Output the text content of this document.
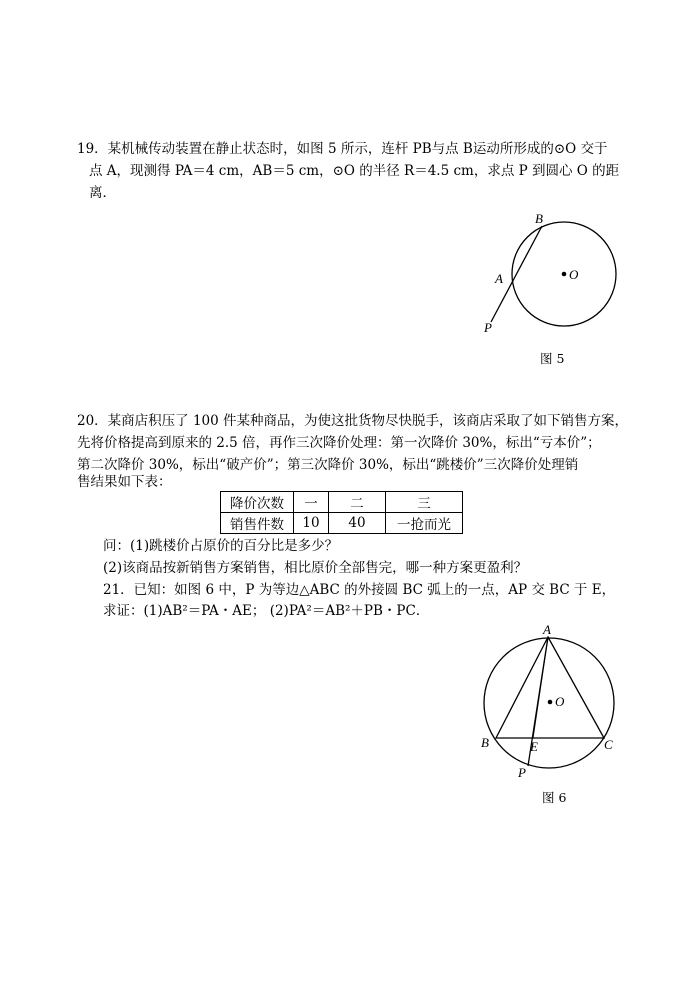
19．某机械传动装置在静止状态时，如图 5 所示，连杆 PB与点 B运动所形成的⊙O 交于
点 A，现测得 PA＝4 cm，AB＝5 cm，⊙O 的半径 R＝4.5 cm，求点 P 到圆心 O 的距
离．
B
A	O
P
图 5
20．某商店积压了 100 件某种商品，为使这批货物尽快脱手，该商店采取了如下销售方案，
先将价格提高到原来的 2.5 倍，再作三次降价处理：第一次降价 30%，标出“亏本价”；
第二次降价 30%，标出“破产价”；第三次降价 30%，标出“跳楼价”三次降价处理销
售结果如下表：
降价次数	一	二	三
销售件数	10	40	一抢而光
问：(1)跳楼价占原价的百分比是多少？
(2)该商品按新销售方案销售，相比原价全部售完，哪一种方案更盈利？
21．已知：如图 6 中，P 为等边△ABC 的外接圆 BC 弧上的一点，AP 交 BC 于 E，
求证：(1)AB²＝PA・AE； (2)PA²＝AB²＋PB・PC．
A
O
B	E	C
P
图 6
